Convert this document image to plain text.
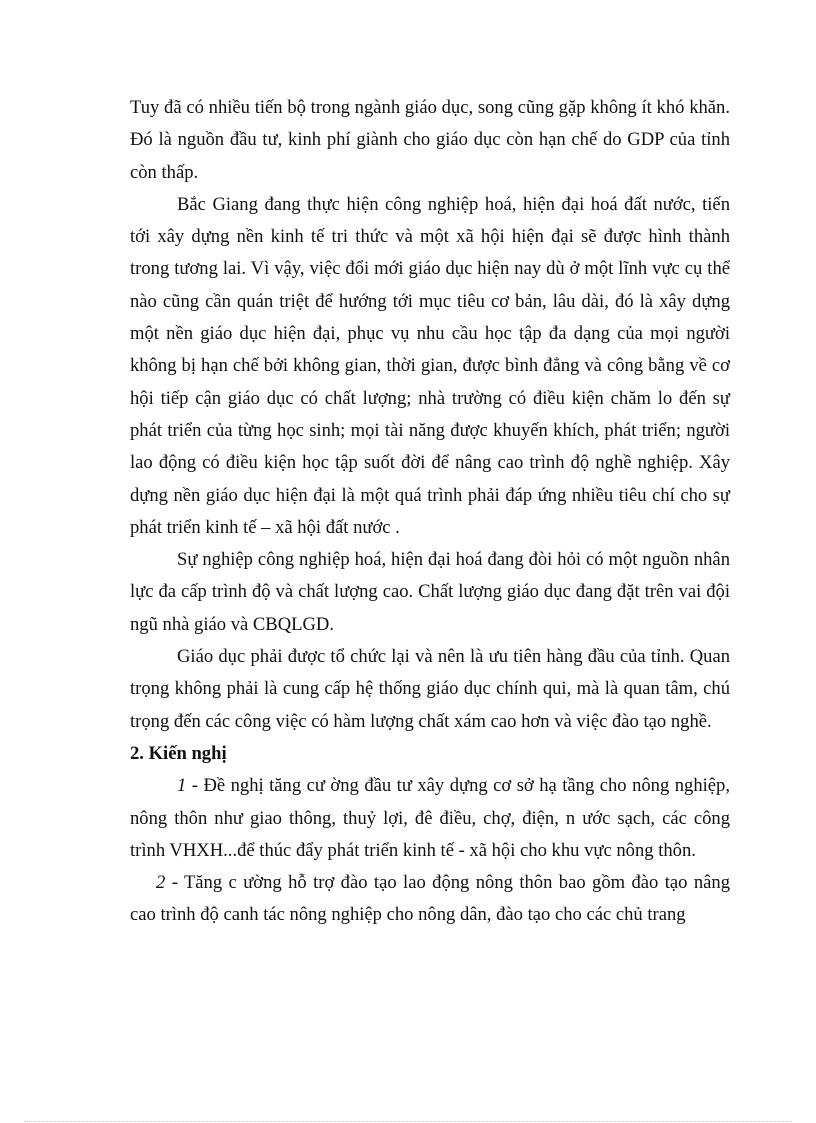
Tuy đã có nhiều tiến bộ trong ngành giáo dục, song cũng gặp không ít khó khăn. Đó là nguồn đầu tư, kinh phí giành cho giáo dục còn hạn chế do GDP của tỉnh còn thấp.

Bắc Giang đang thực hiện công nghiệp hoá, hiện đại hoá đất nước, tiến tới xây dựng nền kinh tế tri thức và một xã hội hiện đại sẽ được hình thành trong tương lai. Vì vậy, việc đổi mới giáo dục hiện nay dù ở một lĩnh vực cụ thể nào cũng cần quán triệt để hướng tới mục tiêu cơ bản, lâu dài, đó là xây dựng một nền giáo dục hiện đại, phục vụ nhu cầu học tập đa dạng của mọi người không bị hạn chế bởi không gian, thời gian, được bình đẳng và công bằng về cơ hội tiếp cận giáo dục có chất lượng; nhà trường có điều kiện chăm lo đến sự phát triển của từng học sinh; mọi tài năng được khuyến khích, phát triển; người lao động có điều kiện học tập suốt đời để nâng cao trình độ nghề nghiệp. Xây dựng nền giáo dục hiện đại là một quá trình phải đáp ứng nhiều tiêu chí cho sự phát triển kinh tế – xã hội đất nước .

Sự nghiệp công nghiệp hoá, hiện đại hoá đang đòi hỏi có một nguồn nhân lực đa cấp trình độ và chất lượng cao. Chất lượng giáo dục đang đặt trên vai đội ngũ nhà giáo và CBQLGD.

Giáo dục phải được tổ chức lại và nên là ưu tiên hàng đầu của tỉnh. Quan trọng không phải là cung cấp hệ thống giáo dục chính qui, mà là quan tâm, chú trọng đến các công việc có hàm lượng chất xám cao hơn và việc đào tạo nghề.

2. Kiến nghị

1 - Đề nghị tăng cư ờng đầu tư xây dựng cơ sở hạ tầng cho nông nghiệp, nông thôn như giao thông, thuỷ lợi, đê điều, chợ, điện, n ước sạch, các công trình VHXH...để thúc đẩy phát triển kinh tế - xã hội cho khu vực nông thôn.

2 - Tăng c ường hỗ trợ đào tạo lao động nông thôn bao gồm đào tạo nâng cao trình độ canh tác nông nghiệp cho nông dân, đào tạo cho các chủ trang
